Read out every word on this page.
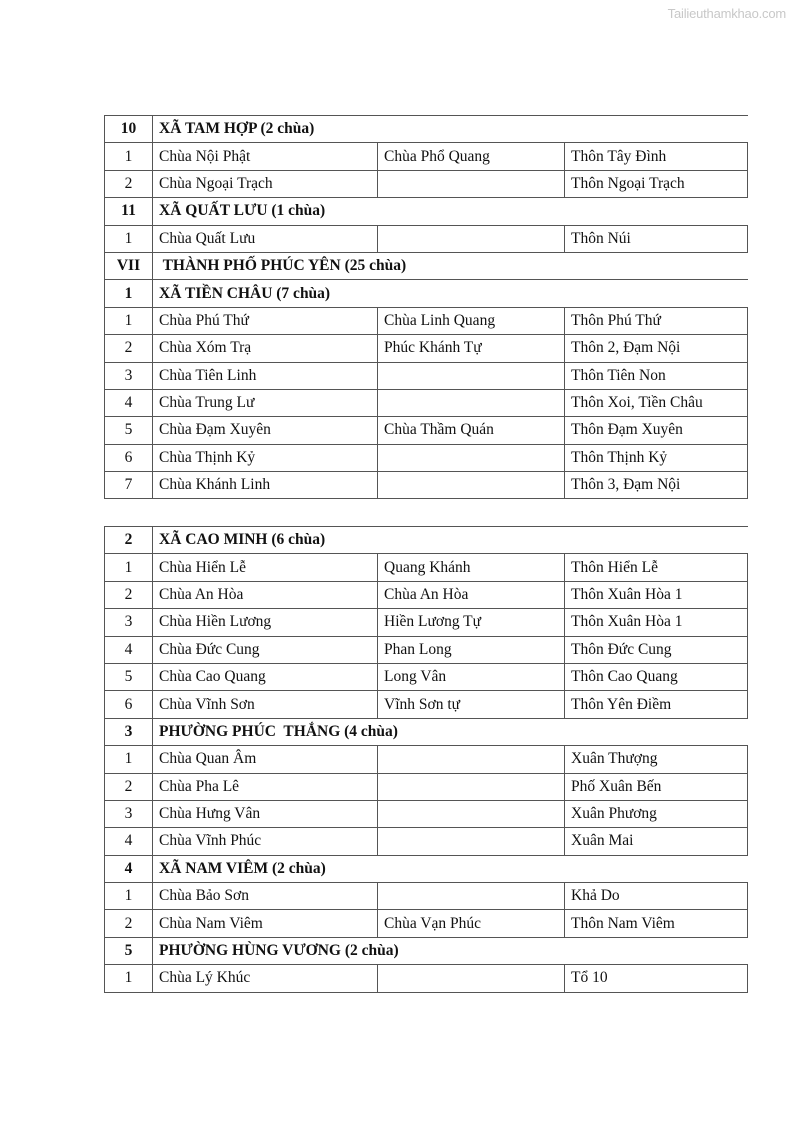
Tailieuthamkhao.com
10	XÃ TAM HỢP (2 chùa)		
1	Chùa Nội Phật	Chùa Phổ Quang	Thôn Tây Đình
2	Chùa Ngoại Trạch		Thôn Ngoại Trạch
11	XÃ QUẤT LƯU (1 chùa)		
1	Chùa Quất Lưu		Thôn Núi
VII	THÀNH PHỐ PHÚC YÊN (25 chùa)		
1	XÃ TIỀN CHÂU (7 chùa)		
1	Chùa Phú Thứ	Chùa Linh Quang	Thôn Phú Thứ
2	Chùa Xóm Trạ	Phúc Khánh Tự	Thôn 2, Đạm Nội
3	Chùa Tiên Linh		Thôn Tiên Non
4	Chùa Trung Lư		Thôn Xoi, Tiền Châu
5	Chùa Đạm Xuyên	Chùa Thầm Quán	Thôn Đạm Xuyên
6	Chùa Thịnh Kỷ		Thôn Thịnh Kỷ
7	Chùa Khánh Linh		Thôn 3, Đạm Nội
2	XÃ CAO MINH (6 chùa)		
1	Chùa Hiển Lễ	Quang Khánh	Thôn Hiển Lễ
2	Chùa An Hòa	Chùa An Hòa	Thôn Xuân Hòa 1
3	Chùa Hiền Lương	Hiền Lương Tự	Thôn Xuân Hòa 1
4	Chùa Đức Cung	Phan Long	Thôn Đức Cung
5	Chùa Cao Quang	Long Vân	Thôn Cao Quang
6	Chùa Vĩnh Sơn	Vĩnh Sơn tự	Thôn Yên Điềm
3	PHƯỜNG PHÚC  THẮNG (4 chùa)		
1	Chùa Quan Âm		Xuân Thượng
2	Chùa Pha Lê		Phố Xuân Bến
3	Chùa Hưng Vân		Xuân Phương
4	Chùa Vĩnh Phúc		Xuân Mai
4	XÃ NAM VIÊM (2 chùa)		
1	Chùa Bảo Sơn		Khả Do
2	Chùa Nam Viêm	Chùa Vạn Phúc	Thôn Nam Viêm
5	PHƯỜNG HÙNG VƯƠNG (2 chùa)		
1	Chùa Lý Khúc		Tổ 10
